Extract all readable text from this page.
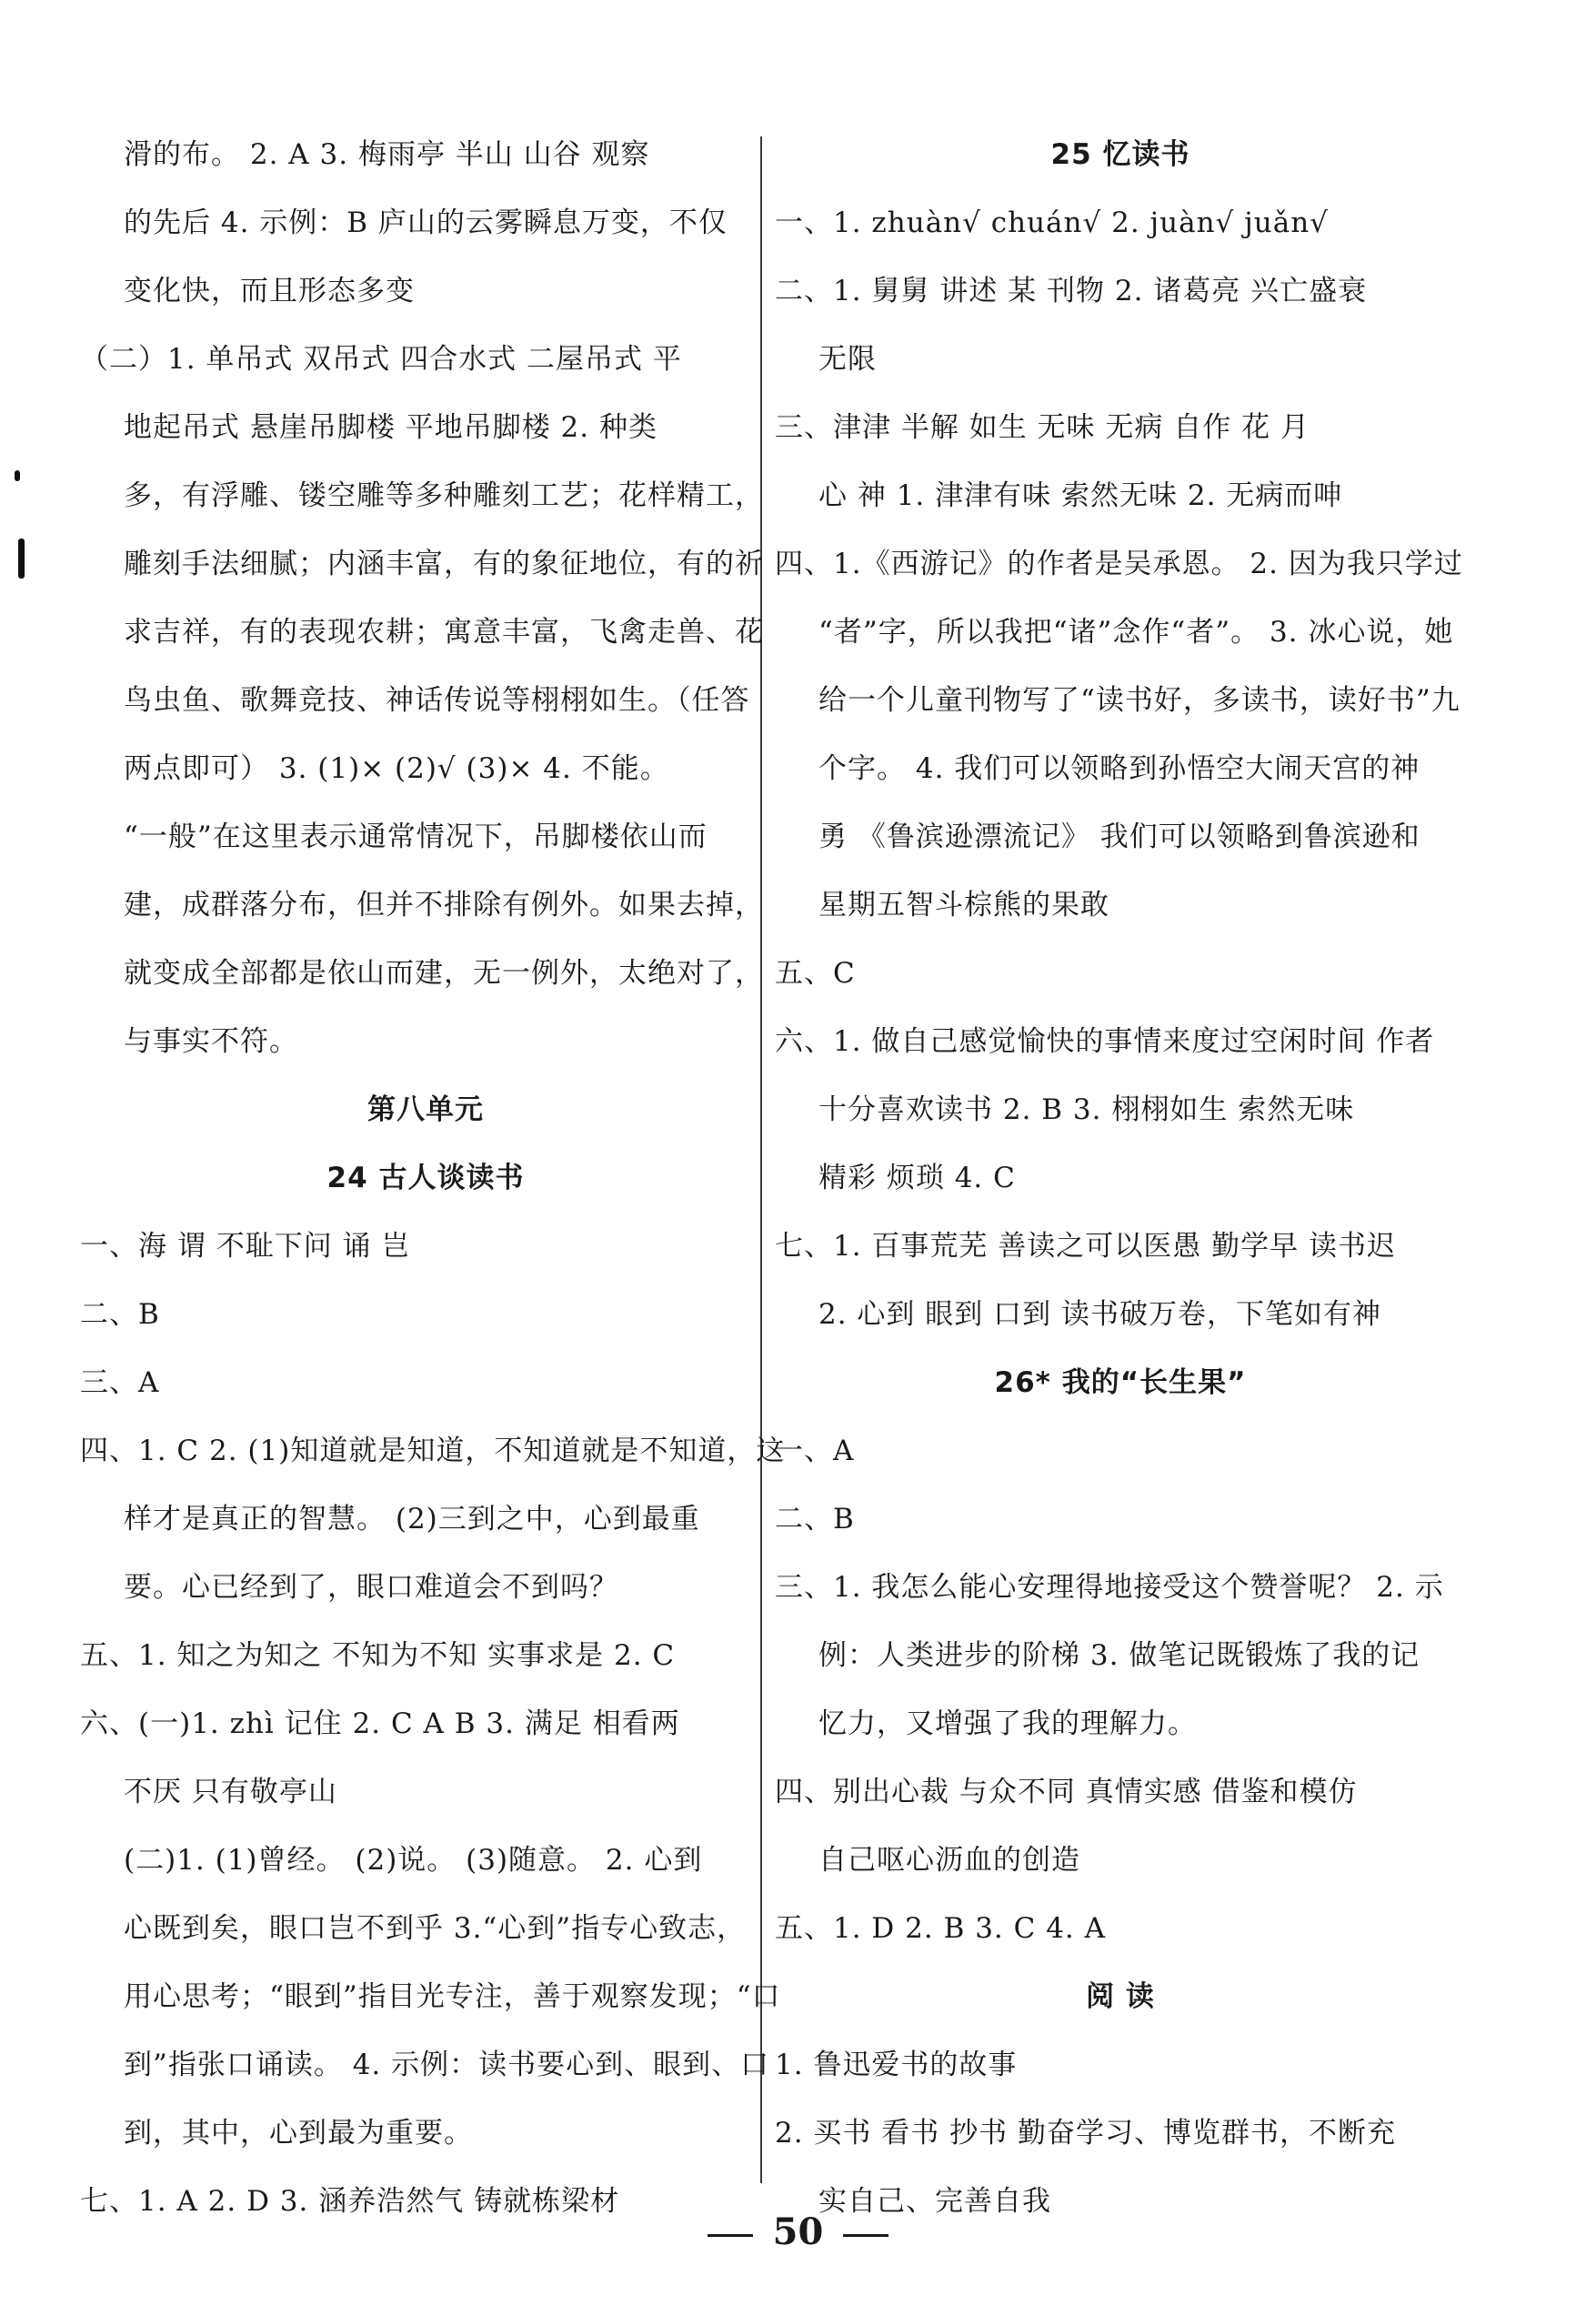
滑的布。 2. A 3. 梅雨亭 半山 山谷 观察
的先后 4. 示例：B 庐山的云雾瞬息万变，不仅
变化快，而且形态多变
（二）1. 单吊式 双吊式 四合水式 二屋吊式 平
地起吊式 悬崖吊脚楼 平地吊脚楼 2. 种类
多，有浮雕、镂空雕等多种雕刻工艺；花样精工，
雕刻手法细腻；内涵丰富，有的象征地位，有的祈
求吉祥，有的表现农耕；寓意丰富，飞禽走兽、花
鸟虫鱼、歌舞竞技、神话传说等栩栩如生。（任答
两点即可） 3. (1)× (2)√ (3)× 4. 不能。
“一般”在这里表示通常情况下，吊脚楼依山而
建，成群落分布，但并不排除有例外。如果去掉，
就变成全部都是依山而建，无一例外，太绝对了，
与事实不符。
第八单元
24 古人谈读书
一、海 谓 不耻下问 诵 岂
二、B
三、A
四、1. C 2. (1)知道就是知道，不知道就是不知道，这
样才是真正的智慧。 (2)三到之中，心到最重
要。心已经到了，眼口难道会不到吗？
五、1. 知之为知之 不知为不知 实事求是 2. C
六、(一)1. zhì 记住 2. C A B 3. 满足 相看两
不厌 只有敬亭山
(二)1. (1)曾经。 (2)说。 (3)随意。 2. 心到
心既到矣，眼口岂不到乎 3.“心到”指专心致志，
用心思考；“眼到”指目光专注，善于观察发现；“口
到”指张口诵读。 4. 示例：读书要心到、眼到、口
到，其中，心到最为重要。
七、1. A 2. D 3. 涵养浩然气 铸就栋梁材
25 忆读书
一、1. zhuàn√ chuán√ 2. juàn√ juǎn√
二、1. 舅舅 讲述 某 刊物 2. 诸葛亮 兴亡盛衰
无限
三、津津 半解 如生 无味 无病 自作 花 月
心 神 1. 津津有味 索然无味 2. 无病而呻
四、1.《西游记》的作者是吴承恩。 2. 因为我只学过
“者”字，所以我把“诸”念作“者”。 3. 冰心说，她
给一个儿童刊物写了“读书好，多读书，读好书”九
个字。 4. 我们可以领略到孙悟空大闹天宫的神
勇 《鲁滨逊漂流记》 我们可以领略到鲁滨逊和
星期五智斗棕熊的果敢
五、C
六、1. 做自己感觉愉快的事情来度过空闲时间 作者
十分喜欢读书 2. B 3. 栩栩如生 索然无味
精彩 烦琐 4. C
七、1. 百事荒芜 善读之可以医愚 勤学早 读书迟
2. 心到 眼到 口到 读书破万卷，下笔如有神
26* 我的“长生果”
一、A
二、B
三、1. 我怎么能心安理得地接受这个赞誉呢？ 2. 示
例：人类进步的阶梯 3. 做笔记既锻炼了我的记
忆力，又增强了我的理解力。
四、别出心裁 与众不同 真情实感 借鉴和模仿
自己呕心沥血的创造
五、1. D 2. B 3. C 4. A
阅 读
1. 鲁迅爱书的故事
2. 买书 看书 抄书 勤奋学习、博览群书，不断充
实自己、完善自我
50
